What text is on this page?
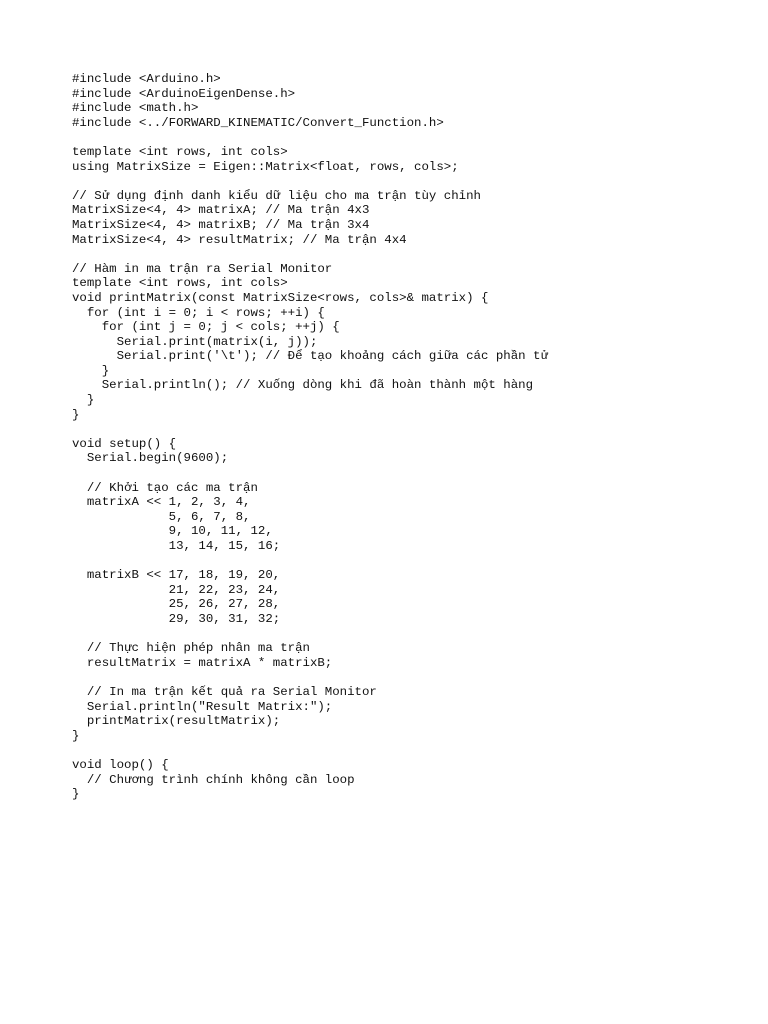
#include <Arduino.h>
#include <ArduinoEigenDense.h>
#include <math.h>
#include <../FORWARD_KINEMATIC/Convert_Function.h>
template <int rows, int cols>
using MatrixSize = Eigen::Matrix<float, rows, cols>;
// Sử dụng định danh kiểu dữ liệu cho ma trận tùy chỉnh
MatrixSize<4, 4> matrixA; // Ma trận 4x3
MatrixSize<4, 4> matrixB; // Ma trận 3x4
MatrixSize<4, 4> resultMatrix; // Ma trận 4x4
// Hàm in ma trận ra Serial Monitor
template <int rows, int cols>
void printMatrix(const MatrixSize<rows, cols>& matrix) {
for (int i = 0; i < rows; ++i) {
for (int j = 0; j < cols; ++j) {
Serial.print(matrix(i, j));
Serial.print('\t'); // Để tạo khoảng cách giữa các phần tử
}
Serial.println(); // Xuống dòng khi đã hoàn thành một hàng
}
}
void setup() {
Serial.begin(9600);
// Khởi tạo các ma trận
matrixA << 1, 2, 3, 4,
5, 6, 7, 8,
9, 10, 11, 12,
13, 14, 15, 16;
matrixB << 17, 18, 19, 20,
21, 22, 23, 24,
25, 26, 27, 28,
29, 30, 31, 32;
// Thực hiện phép nhân ma trận
resultMatrix = matrixA * matrixB;
// In ma trận kết quả ra Serial Monitor
Serial.println("Result Matrix:");
printMatrix(resultMatrix);
}
void loop() {
// Chương trình chính không cần loop
}
